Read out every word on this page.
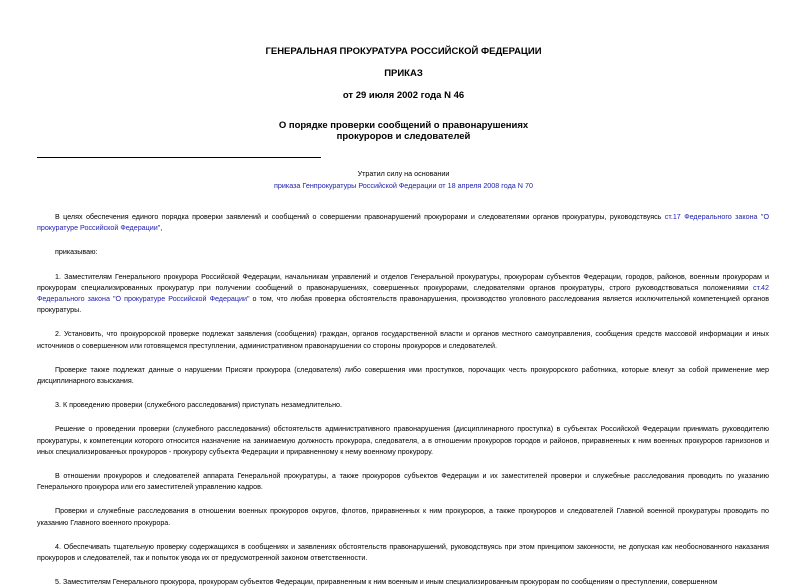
ГЕНЕРАЛЬНАЯ ПРОКУРАТУРА РОССИЙСКОЙ ФЕДЕРАЦИИ
ПРИКАЗ
от 29 июля 2002 года N 46
О порядке проверки сообщений о правонарушениях
прокуроров и следователей
Утратил силу на основании
приказа Генпрокуратуры Российской Федерации от 18 апреля 2008 года N 70

В целях обеспечения единого порядка проверки заявлений и сообщений о совершении правонарушений прокурорами и следователями органов прокуратуры, руководствуясь ст.17 Федерального закона "О прокуратуре Российской Федерации",

приказываю:

1. Заместителям Генерального прокурора Российской Федерации, начальникам управлений и отделов Генеральной прокуратуры, прокурорам субъектов Федерации, городов, районов, военным прокурорам и прокурорам специализированных прокуратур при получении сообщений о правонарушениях, совершенных прокурорами, следователями органов прокуратуры, строго руководствоваться положениями ст.42 Федерального закона "О прокуратуре Российской Федерации" о том, что любая проверка обстоятельств правонарушения, производство уголовного расследования является исключительной компетенцией органов прокуратуры.

2. Установить, что прокурорской проверке подлежат заявления (сообщения) граждан, органов государственной власти и органов местного самоуправления, сообщения средств массовой информации и иных источников о совершенном или готовящемся преступлении, административном правонарушении со стороны прокуроров и следователей.

Проверке также подлежат данные о нарушении Присяги прокурора (следователя) либо совершения ими проступков, порочащих честь прокурорского работника, которые влекут за собой применение мер дисциплинарного взыскания.

3. К проведению проверки (служебного расследования) приступать незамедлительно.

Решение о проведении проверки (служебного расследования) обстоятельств административного правонарушения (дисциплинарного проступка) в субъектах Российской Федерации принимать руководителю прокуратуры, к компетенции которого относится назначение на занимаемую должность прокурора, следователя, а в отношении прокуроров городов и районов, приравненных к ним военных прокуроров гарнизонов и иных специализированных прокуроров - прокурору субъекта Федерации и приравненному к нему военному прокурору.

В отношении прокуроров и следователей аппарата Генеральной прокуратуры, а также прокуроров субъектов Федерации и их заместителей проверки и служебные расследования проводить по указанию Генерального прокурора или его заместителей управлению кадров.

Проверки и служебные расследования в отношении военных прокуроров округов, флотов, приравненных к ним прокуроров, а также прокуроров и следователей Главной военной прокуратуры проводить по указанию Главного военного прокурора.

4. Обеспечивать тщательную проверку содержащихся в сообщениях и заявлениях обстоятельств правонарушений, руководствуясь при этом принципом законности, не допуская как необоснованного наказания прокуроров и следователей, так и попыток увода их от предусмотренной законом ответственности.

5. Заместителям Генерального прокурора, прокурорам субъектов Федерации, приравненным к ним военным и иным специализированным прокурорам по сообщениям о преступлении, совершенном
